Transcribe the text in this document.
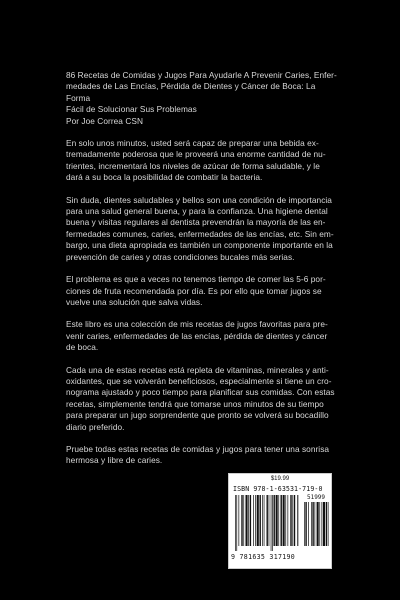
86 Recetas de Comidas y Jugos Para Ayudarle A Prevenir Caries, Enfer-
medades de Las Encías, Pérdida de Dientes y Cáncer de Boca: La Forma
Fácil de Solucionar Sus Problemas
Por Joe Correa CSN

En solo unos minutos, usted será capaz de preparar una bebida ex-tremadamente poderosa que le proveerá una enorme cantidad de nu-trientes, incrementará los niveles de azúcar de forma saludable, y le dará a su boca la posibilidad de combatir la bacteria.

Sin duda, dientes saludables y bellos son una condición de importancia para una salud general buena, y para la confianza. Una higiene dental buena y visitas regulares al dentista prevendrán la mayoría de las en-fermedades comunes, caries, enfermedades de las encías, etc. Sin em-bargo, una dieta apropiada es también un componente importante en la prevención de caries y otras condiciones bucales más serias.

El problema es que a veces no tenemos tiempo de comer las 5-6 por-ciones de fruta recomendada por día. Es por ello que tomar jugos se vuelve una solución que salva vidas.

Este libro es una colección de mis recetas de jugos favoritas para pre-venir caries, enfermedades de las encías, pérdida de dientes y cáncer de boca.

Cada una de estas recetas está repleta de vitaminas, minerales y anti-oxidantes, que se volverán beneficiosos, especialmente si tiene un cro-nograma ajustado y poco tiempo para planificar sus comidas. Con estas recetas, simplemente tendrá que tomarse unos minutos de su tiempo para preparar un jugo sorprendente que pronto se volverá su bocadillo diario preferido.

Pruebe todas estas recetas de comidas y jugos para tener una sonrisa hermosa y libre de caries.

$19.99
ISBN 978-1-63531-719-0
51999
9 781635 317190
